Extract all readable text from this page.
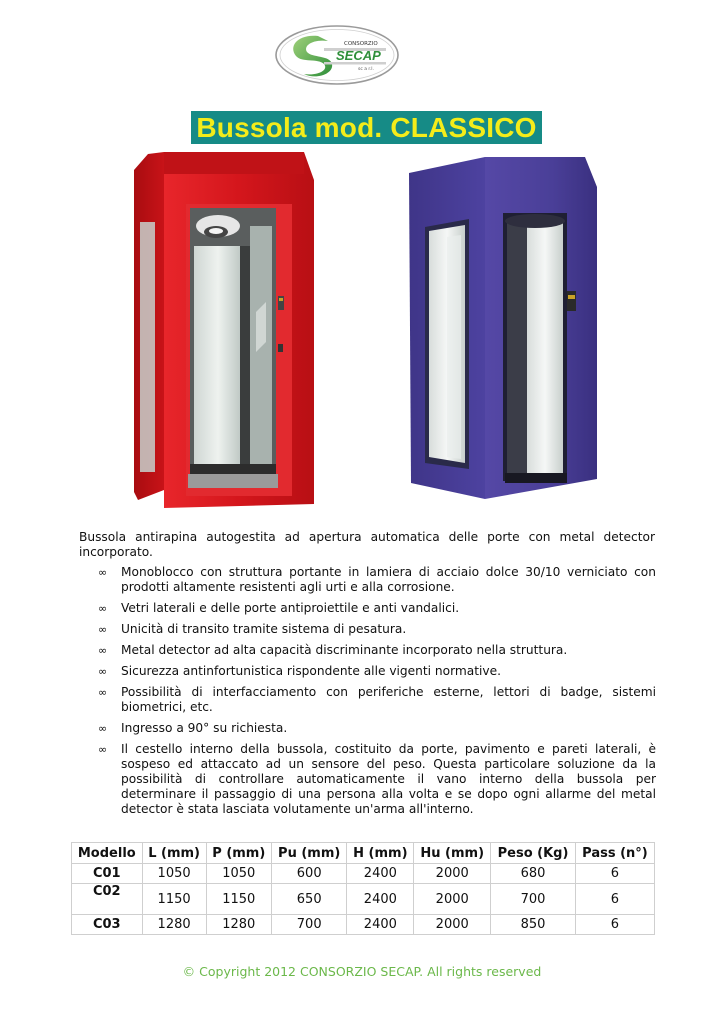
CONSORZIO
SECAP
sc a r.l.
Bussola mod. CLASSICO
Bussola antirapina autogestita ad apertura automatica delle porte con metal detector incorporato.
∞ Monoblocco con struttura portante in lamiera di acciaio dolce 30/10 verniciato con prodotti altamente resistenti agli urti e alla corrosione.
∞ Vetri laterali e delle porte antiproiettile e anti vandalici.
∞ Unicità di transito tramite sistema di pesatura.
∞ Metal detector ad alta capacità discriminante incorporato nella struttura.
∞ Sicurezza antinfortunistica rispondente alle vigenti normative.
∞ Possibilità di interfacciamento con periferiche esterne, lettori di badge, sistemi biometrici, etc.
∞ Ingresso a 90° su richiesta.
∞ Il cestello interno della bussola, costituito da porte, pavimento e pareti laterali, è sospeso ed attaccato ad un sensore del peso. Questa particolare soluzione da la possibilità di controllare automaticamente il vano interno della bussola per determinare il passaggio di una persona alla volta e se dopo ogni allarme del metal detector è stata lasciata volutamente un'arma all'interno.
Modello	L (mm)	P (mm)	Pu (mm)	H (mm)	Hu (mm)	Peso (Kg)	Pass (n°)
C01	1050	1050	600	2400	2000	680	6
C02	1150	1150	650	2400	2000	700	6
C03	1280	1280	700	2400	2000	850	6
© Copyright 2012 CONSORZIO SECAP. All rights reserved
